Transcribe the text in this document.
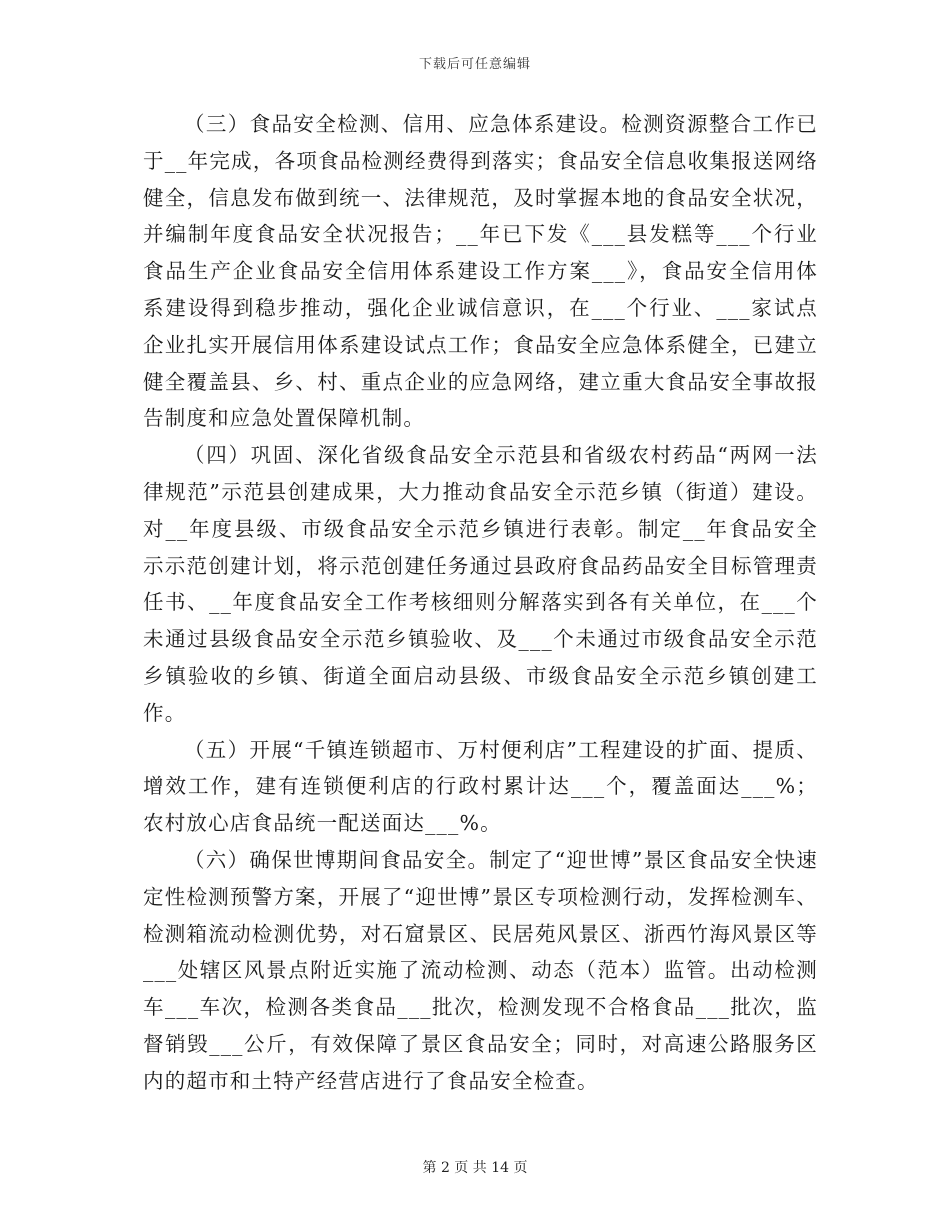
下载后可任意编辑

（三）食品安全检测、信用、应急体系建设。检测资源整合工作已于__年完成，各项食品检测经费得到落实；食品安全信息收集报送网络健全，信息发布做到统一、法律规范，及时掌握本地的食品安全状况，并编制年度食品安全状况报告；__年已下发《___县发糕等___个行业食品生产企业食品安全信用体系建设工作方案___》，食品安全信用体系建设得到稳步推动，强化企业诚信意识，在___个行业、___家试点企业扎实开展信用体系建设试点工作；食品安全应急体系健全，已建立健全覆盖县、乡、村、重点企业的应急网络，建立重大食品安全事故报告制度和应急处置保障机制。

（四）巩固、深化省级食品安全示范县和省级农村药品“两网一法律规范”示范县创建成果，大力推动食品安全示范乡镇（街道）建设。对__年度县级、市级食品安全示范乡镇进行表彰。制定__年食品安全示示范创建计划，将示范创建任务通过县政府食品药品安全目标管理责任书、__年度食品安全工作考核细则分解落实到各有关单位，在___个未通过县级食品安全示范乡镇验收、及___个未通过市级食品安全示范乡镇验收的乡镇、街道全面启动县级、市级食品安全示范乡镇创建工作。

（五）开展“千镇连锁超市、万村便利店”工程建设的扩面、提质、增效工作，建有连锁便利店的行政村累计达___个，覆盖面达___%；农村放心店食品统一配送面达___%。

（六）确保世博期间食品安全。制定了“迎世博”景区食品安全快速定性检测预警方案，开展了“迎世博”景区专项检测行动，发挥检测车、检测箱流动检测优势，对石窟景区、民居苑风景区、浙西竹海风景区等___处辖区风景点附近实施了流动检测、动态（范本）监管。出动检测车___车次，检测各类食品___批次，检测发现不合格食品___批次，监督销毁___公斤，有效保障了景区食品安全；同时，对高速公路服务区内的超市和土特产经营店进行了食品安全检查。

第 2 页 共 14 页
